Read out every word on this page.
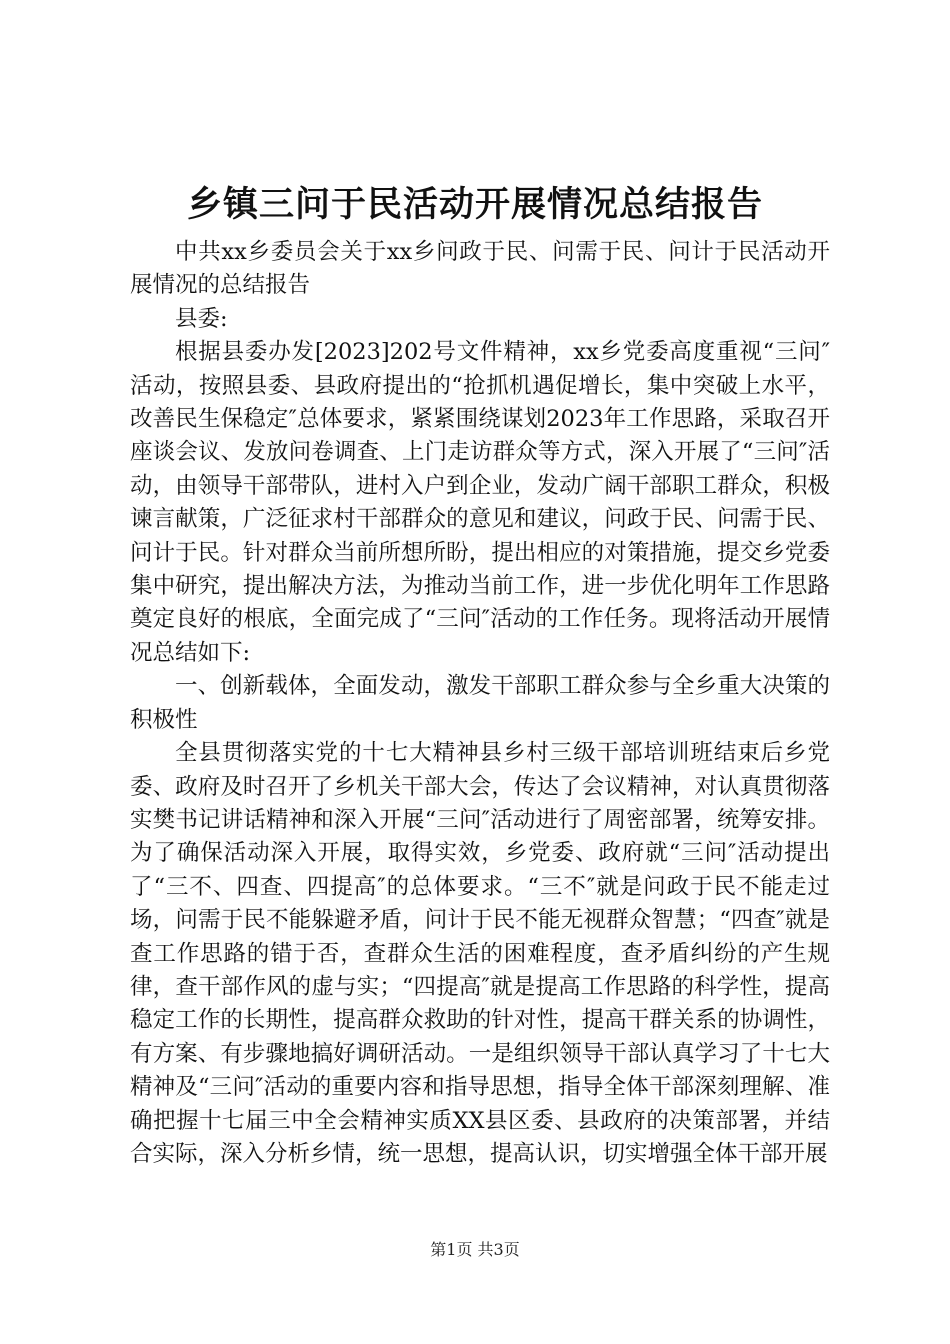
乡镇三问于民活动开展情况总结报告

中共xx乡委员会关于xx乡问政于民、问需于民、问计于民活动开展情况的总结报告

县委:

根据县委办发[2023]202号文件精神，xx乡党委高度重视“三问″活动，按照县委、县政府提出的“抢抓机遇促增长，集中突破上水平，改善民生保稳定″总体要求，紧紧围绕谋划2023年工作思路，采取召开座谈会议、发放问卷调查、上门走访群众等方式，深入开展了“三问″活动，由领导干部带队，进村入户到企业，发动广阔干部职工群众，积极谏言献策，广泛征求村干部群众的意见和建议，问政于民、问需于民、问计于民。针对群众当前所想所盼，提出相应的对策措施，提交乡党委集中研究，提出解决方法，为推动当前工作，进一步优化明年工作思路奠定良好的根底，全面完成了“三问″活动的工作任务。现将活动开展情况总结如下:

一、创新载体，全面发动，激发干部职工群众参与全乡重大决策的积极性

全县贯彻落实党的十七大精神县乡村三级干部培训班结束后乡党委、政府及时召开了乡机关干部大会，传达了会议精神，对认真贯彻落实樊书记讲话精神和深入开展“三问″活动进行了周密部署，统筹安排。为了确保活动深入开展，取得实效，乡党委、政府就“三问″活动提出了“三不、四查、四提高″的总体要求。“三不″就是问政于民不能走过场，问需于民不能躲避矛盾，问计于民不能无视群众智慧；“四查″就是查工作思路的错于否，查群众生活的困难程度，查矛盾纠纷的产生规律，查干部作风的虚与实；“四提高″就是提高工作思路的科学性，提高稳定工作的长期性，提高群众救助的针对性，提高干群关系的协调性，有方案、有步骤地搞好调研活动。一是组织领导干部认真学习了十七大精神及“三问″活动的重要内容和指导思想，指导全体干部深刻理解、准确把握十七届三中全会精神实质XX县区委、县政府的决策部署，并结合实际，深入分析乡情，统一思想，提高认识，切实增强全体干部开展

第1页 共3页
